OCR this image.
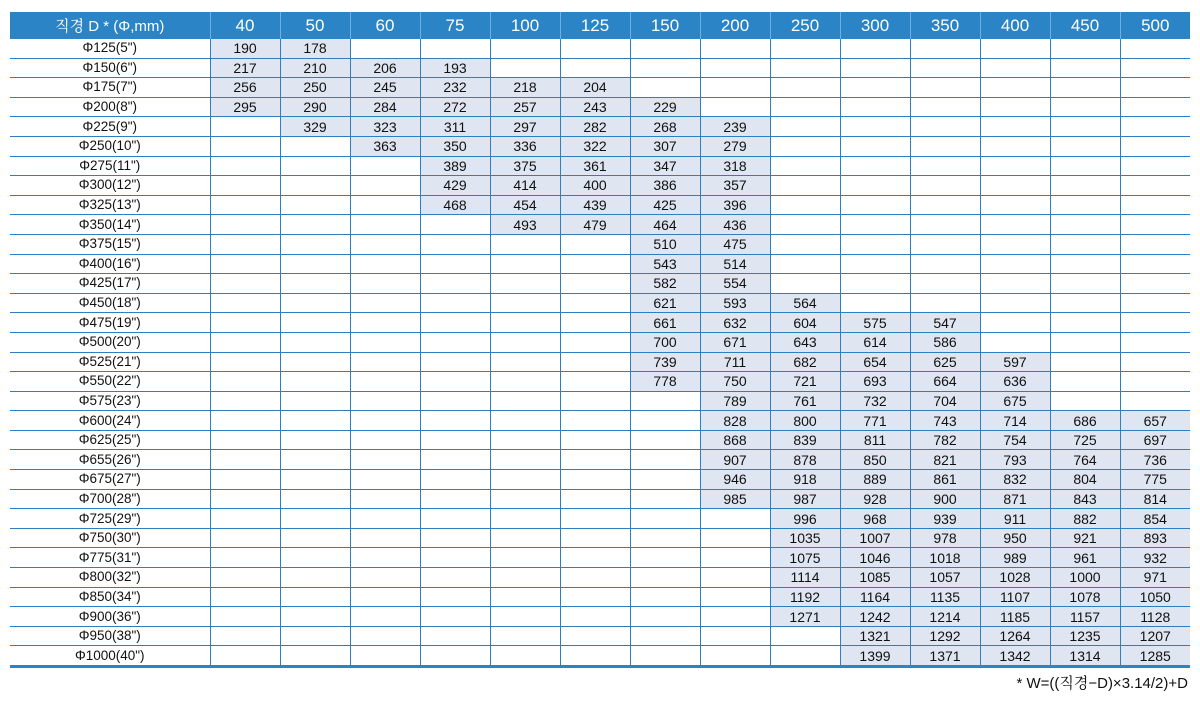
직경 D * (Φ,mm)	40	50	60	75	100	125	150	200	250	300	350	400	450	500
Φ125(5")	190	178												
Φ150(6")	217	210	206	193										
Φ175(7")	256	250	245	232	218	204								
Φ200(8")	295	290	284	272	257	243	229							
Φ225(9")		329	323	311	297	282	268	239						
Φ250(10")			363	350	336	322	307	279						
Φ275(11")				389	375	361	347	318						
Φ300(12")				429	414	400	386	357						
Φ325(13")				468	454	439	425	396						
Φ350(14")					493	479	464	436						
Φ375(15")							510	475						
Φ400(16")							543	514						
Φ425(17")							582	554						
Φ450(18")							621	593	564					
Φ475(19")							661	632	604	575	547			
Φ500(20")							700	671	643	614	586			
Φ525(21")							739	711	682	654	625	597		
Φ550(22")							778	750	721	693	664	636		
Φ575(23")								789	761	732	704	675		
Φ600(24")								828	800	771	743	714	686	657
Φ625(25")								868	839	811	782	754	725	697
Φ655(26")								907	878	850	821	793	764	736
Φ675(27")								946	918	889	861	832	804	775
Φ700(28")								985	987	928	900	871	843	814
Φ725(29")									996	968	939	911	882	854
Φ750(30")									1035	1007	978	950	921	893
Φ775(31")									1075	1046	1018	989	961	932
Φ800(32")									1114	1085	1057	1028	1000	971
Φ850(34")									1192	1164	1135	1107	1078	1050
Φ900(36")									1271	1242	1214	1185	1157	1128
Φ950(38")										1321	1292	1264	1235	1207
Φ1000(40")										1399	1371	1342	1314	1285
* W=((직경−D)×3.14/2)+D
